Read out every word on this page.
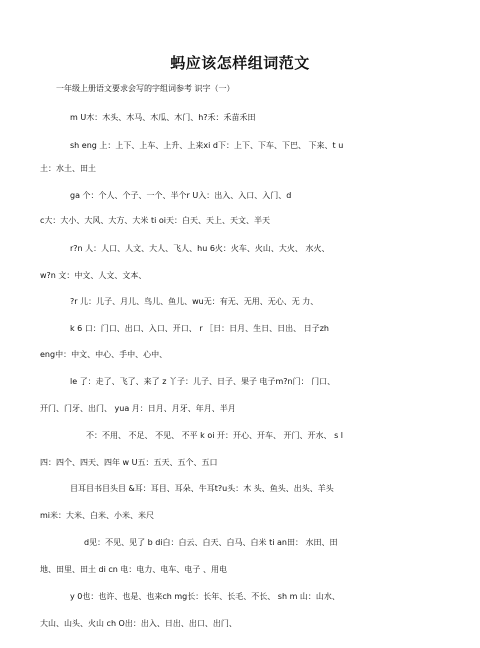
蚂应该怎样组词范文
一年级上册语文要求会写的字组词参考 识字（一）
m U木：木头、木马、木瓜、木门、h?禾：禾苗禾田
sh eng 上：上下、上车、上升、上来xi d下：上下、下车、下巴、 下来、t u
土：水土、田土
ga 个：个人、个子、一个、半个r U入：出入、入口、入门、d
c大：大小、大风、大方、大米 ti oi天：白天、天上、天文、半天
r?n 人：人口、人文、大人、飞人、hu 6火：火车、火山、大火、 水火、
w?n 文：中文、人文、文本、
?r 儿：儿子、月儿、鸟儿、鱼儿、wu无：有无、无用、无心、无 力、
k 6 口：门口、出口、入口、开口、 r ［日：日月、生日、日出、 日子zh
eng中：中文、中心、手中、心中、
le 了：走了、飞了、来了 z 丫子：儿子、日子、果子 电子m?n门： 门口、
开门、门牙、出门、 yua 月：日月、月牙、年月、半月
不：不用、 不足、 不见、 不平 k oi 开：开心、开车、 开门、开水、 s l
四：四个、四天、四年 w U五：五天、五个、五口
目耳目书目头目 &耳：耳目、耳朵、牛耳t?u头：木 头、鱼头、出头、羊头
mi米：大米、白米、小米、米尺
d见：不见、见了 b di白：白云、白天、白马、白米 ti an田： 水田、田
地、田里、田土 di cn 电：电力、电车、电子 、用电
y 0也：也许、也是、也来ch mg长：长年、长毛、不长、 sh m 山：山水、
大山、山头、火山 ch O出：出入、日出、出口、出门、
